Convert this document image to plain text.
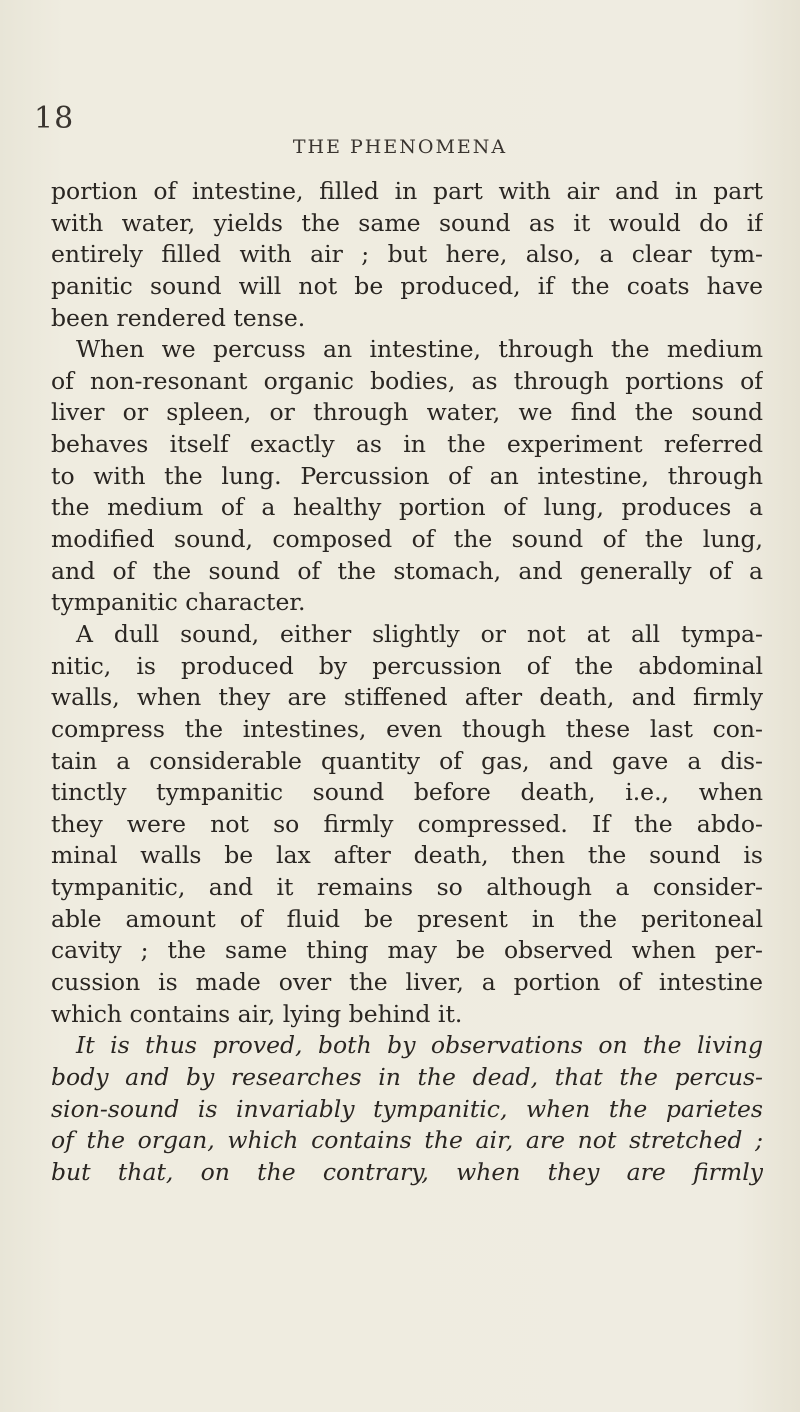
18
THE PHENOMENA
portion of intestine, filled in part with air and in part
with water, yields the same sound as it would do if
entirely filled with air ; but here, also, a clear tym-
panitic sound will not be produced, if the coats have
been rendered tense.
When we percuss an intestine, through the medium
of non-resonant organic bodies, as through portions of
liver or spleen, or through water, we find the sound
behaves itself exactly as in the experiment referred
to with the lung. Percussion of an intestine, through
the medium of a healthy portion of lung, produces a
modified sound, composed of the sound of the lung,
and of the sound of the stomach, and generally of a
tympanitic character.
A dull sound, either slightly or not at all tympa-
nitic, is produced by percussion of the abdominal
walls, when they are stiffened after death, and firmly
compress the intestines, even though these last con-
tain a considerable quantity of gas, and gave a dis-
tinctly tympanitic sound before death, i.e., when
they were not so firmly compressed. If the abdo-
minal walls be lax after death, then the sound is
tympanitic, and it remains so although a consider-
able amount of fluid be present in the peritoneal
cavity ; the same thing may be observed when per-
cussion is made over the liver, a portion of intestine
which contains air, lying behind it.
It is thus proved, both by observations on the living
body and by researches in the dead, that the percus-
sion-sound is invariably tympanitic, when the parietes
of the organ, which contains the air, are not stretched ;
but that, on the contrary, when they are firmly
